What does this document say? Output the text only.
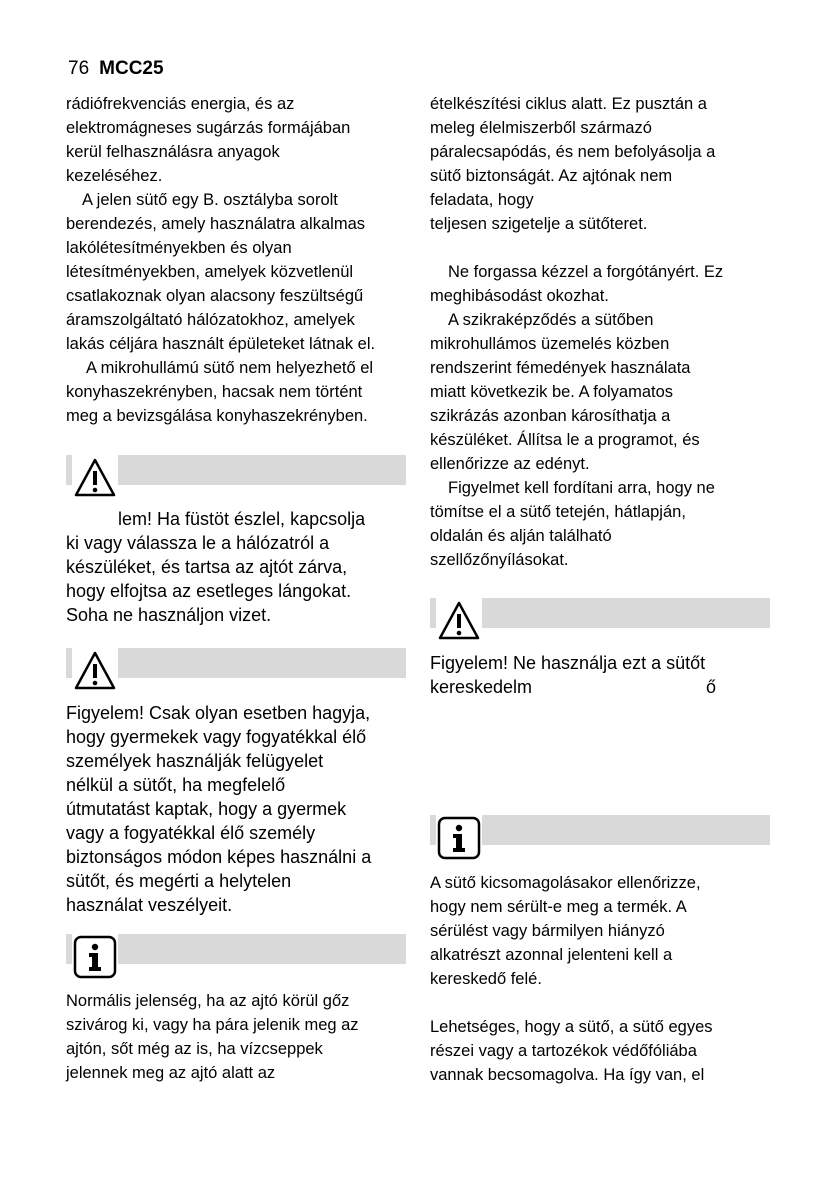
76 MCC25
rádiófrekvenciás energia, és az
elektromágneses sugárzás formájában
kerül felhasználásra anyagok
kezeléséhez.
A jelen sütő egy B. osztályba sorolt
berendezés, amely használatra alkalmas
lakólétesítményekben és olyan
létesítményekben, amelyek közvetlenül
csatlakoznak olyan alacsony feszültségű
áramszolgáltató hálózatokhoz, amelyek
lakás céljára használt épületeket látnak el.
A mikrohullámú sütő nem helyezhető el
konyhaszekrényben, hacsak nem történt
meg a bevizsgálása konyhaszekrényben.
lem! Ha füstöt észlel, kapcsolja
ki vagy válassza le a hálózatról a
készüléket, és tartsa az ajtót zárva,
hogy elfojtsa az esetleges lángokat.
Soha ne használjon vizet.
Figyelem! Csak olyan esetben hagyja,
hogy gyermekek vagy fogyatékkal élő
személyek használják felügyelet
nélkül a sütőt, ha megfelelő
útmutatást kaptak, hogy a gyermek
vagy a fogyatékkal élő személy
biztonságos módon képes használni a
sütőt, és megérti a helytelen
használat veszélyeit.
Normális jelenség, ha az ajtó körül gőz
szivárog ki, vagy ha pára jelenik meg az
ajtón, sőt még az is, ha vízcseppek
jelennek meg az ajtó alatt az
ételkészítési ciklus alatt. Ez pusztán a
meleg élelmiszerből származó
páralecsapódás, és nem befolyásolja a
sütő biztonságát. Az ajtónak nem
feladata, hogy
teljesen szigetelje a sütőteret.
Ne forgassa kézzel a forgótányért. Ez
meghibásodást okozhat.
A szikraképződés a sütőben
mikrohullámos üzemelés közben
rendszerint fémedények használata
miatt következik be. A folyamatos
szikrázás azonban károsíthatja a
készüléket. Állítsa le a programot, és
ellenőrizze az edényt.
Figyelmet kell fordítani arra, hogy ne
tömítse el a sütő tetején, hátlapján,
oldalán és alján található
szellőzőnyílásokat.
Figyelem! Ne használja ezt a sütőt
kereskedelm	ő
A sütő kicsomagolásakor ellenőrizze,
hogy nem sérült-e meg a termék. A
sérülést vagy bármilyen hiányzó
alkatrészt azonnal jelenteni kell a
kereskedő felé.
Lehetséges, hogy a sütő, a sütő egyes
részei vagy a tartozékok védőfóliába
vannak becsomagolva. Ha így van, el
